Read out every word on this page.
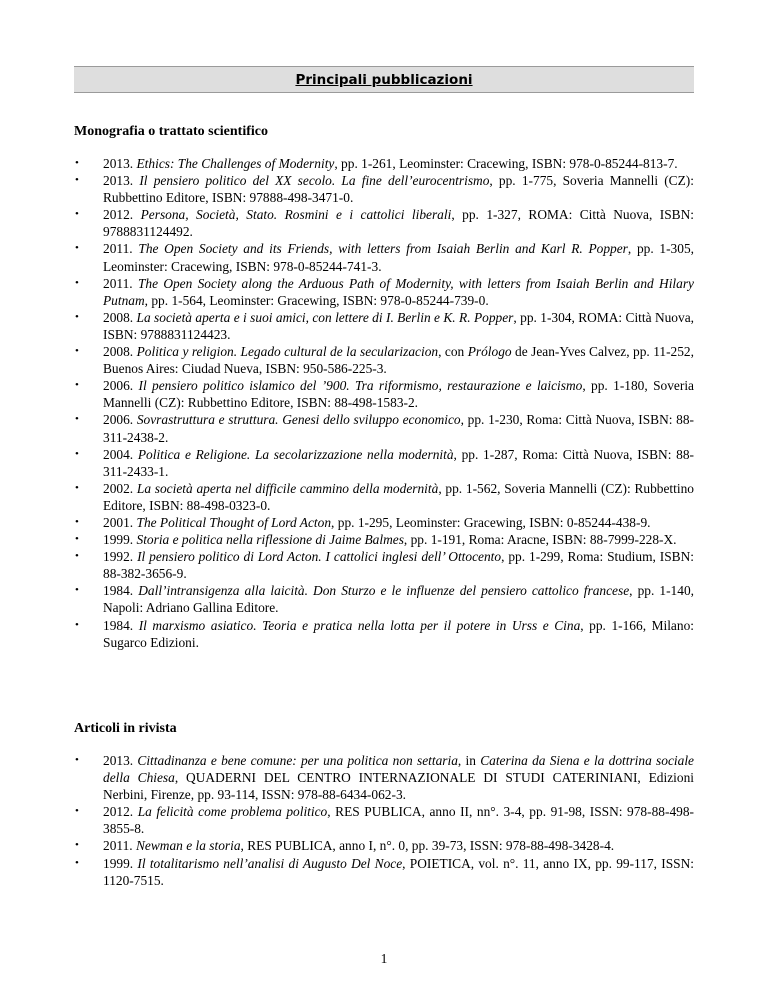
Principali pubblicazioni
Monografia o trattato scientifico
• 2013. Ethics: The Challenges of Modernity, pp. 1-261, Leominster: Cracewing, ISBN: 978-0-85244-813-7.
• 2013. Il pensiero politico del XX secolo. La fine dell’eurocentrismo, pp. 1-775, Soveria Mannelli (CZ): Rubbettino Editore, ISBN: 97888-498-3471-0.
• 2012. Persona, Società, Stato. Rosmini e i cattolici liberali, pp. 1-327, ROMA: Città Nuova, ISBN: 9788831124492.
• 2011. The Open Society and its Friends, with letters from Isaiah Berlin and Karl R. Popper, pp. 1-305, Leominster: Cracewing, ISBN: 978-0-85244-741-3.
• 2011. The Open Society along the Arduous Path of Modernity, with letters from Isaiah Berlin and Hilary Putnam, pp. 1-564, Leominster: Gracewing, ISBN: 978-0-85244-739-0.
• 2008. La società aperta e i suoi amici, con lettere di I. Berlin e K. R. Popper, pp. 1-304, ROMA: Città Nuova, ISBN: 9788831124423.
• 2008. Politica y religion. Legado cultural de la secularizacion, con Prólogo de Jean-Yves Calvez, pp. 11-252, Buenos Aires: Ciudad Nueva, ISBN: 950-586-225-3.
• 2006. Il pensiero politico islamico del ’900. Tra riformismo, restaurazione e laicismo, pp. 1-180, Soveria Mannelli (CZ): Rubbettino Editore, ISBN: 88-498-1583-2.
• 2006. Sovrastruttura e struttura. Genesi dello sviluppo economico, pp. 1-230, Roma: Città Nuova, ISBN: 88-311-2438-2.
• 2004. Politica e Religione. La secolarizzazione nella modernità, pp. 1-287, Roma: Città Nuova, ISBN: 88-311-2433-1.
• 2002. La società aperta nel difficile cammino della modernità, pp. 1-562, Soveria Mannelli (CZ): Rubbettino Editore, ISBN: 88-498-0323-0.
• 2001. The Political Thought of Lord Acton, pp. 1-295, Leominster: Gracewing, ISBN: 0-85244-438-9.
• 1999. Storia e politica nella riflessione di Jaime Balmes, pp. 1-191, Roma: Aracne, ISBN: 88-7999-228-X.
• 1992. Il pensiero politico di Lord Acton. I cattolici inglesi dell’ Ottocento, pp. 1-299, Roma: Studium, ISBN: 88-382-3656-9.
• 1984. Dall’intransigenza alla laicità. Don Sturzo e le influenze del pensiero cattolico francese, pp. 1-140, Napoli: Adriano Gallina Editore.
• 1984. Il marxismo asiatico. Teoria e pratica nella lotta per il potere in Urss e Cina, pp. 1-166, Milano: Sugarco Edizioni.
Articoli in rivista
• 2013. Cittadinanza e bene comune: per una politica non settaria, in Caterina da Siena e la dottrina sociale della Chiesa, QUADERNI DEL CENTRO INTERNAZIONALE DI STUDI CATERINIANI, Edizioni Nerbini, Firenze, pp. 93-114, ISSN: 978-88-6434-062-3.
• 2012. La felicità come problema politico, RES PUBLICA, anno II, nn°. 3-4, pp. 91-98, ISSN: 978-88-498-3855-8.
• 2011. Newman e la storia, RES PUBLICA, anno I, n°. 0, pp. 39-73, ISSN: 978-88-498-3428-4.
• 1999. Il totalitarismo nell’analisi di Augusto Del Noce, POIETICA, vol. n°. 11, anno IX, pp. 99-117, ISSN: 1120-7515.
1
